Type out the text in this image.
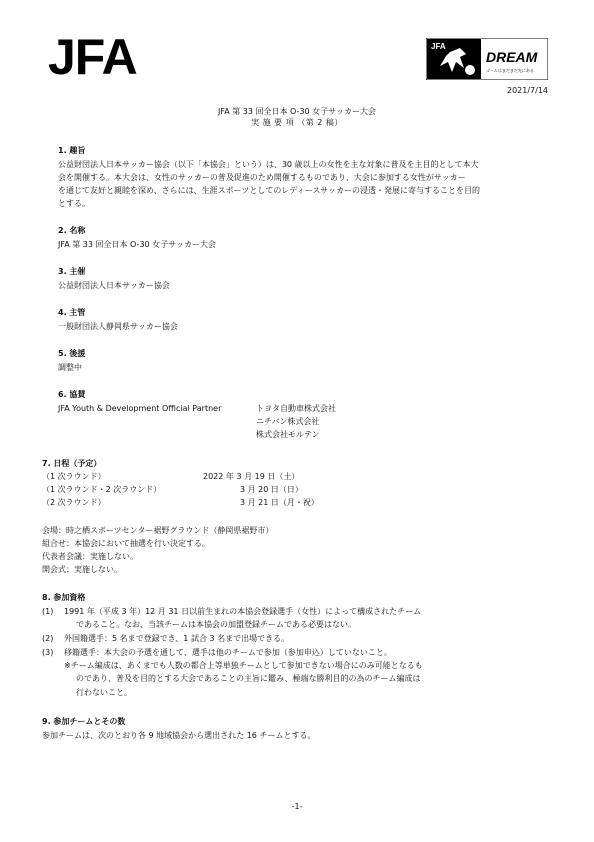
JFA	JFA
DREAM
ゴールはまだまだ先にある
2021/7/14
JFA 第 33 回全日本 O-30 女子サッカー大会
実 施 要 項 （第 2 稿）
1. 趣旨
公益財団法人日本サッカー協会（以下「本協会」という）は、30 歳以上の女性を主な対象に普及を主目的として本大
会を開催する。本大会は、女性のサッカーの普及促進のため開催するものであり、大会に参加する女性がサッカー
を通じて友好と親睦を深め、さらには、生涯スポーツとしてのレディースサッカーの浸透・発展に寄与することを目的
とする。
2. 名称
JFA 第 33 回全日本 O-30 女子サッカー大会
3. 主催
公益財団法人日本サッカー協会
4. 主管
一般財団法人静岡県サッカー協会
5. 後援
調整中
6. 協賛
JFA Youth & Development Official Partner	トヨタ自動車株式会社
ニチバン株式会社
株式会社モルテン
7. 日程（予定）
（1 次ラウンド）	2022 年 3 月 19 日（土）
（1 次ラウンド・2 次ラウンド）	3 月 20 日（日）
（2 次ラウンド）	3 月 21 日（月・祝）
会場：時之栖スポーツセンター裾野グラウンド（静岡県裾野市）
組合せ：本協会において抽選を行い決定する。
代表者会議：実施しない。
開会式：実施しない。
8. 参加資格
(1) 1991 年（平成 3 年）12 月 31 日以前生まれの本協会登録選手（女性）によって構成されたチーム
であること。なお、当該チームは本協会の加盟登録チームである必要はない。
(2) 外国籍選手：5 名まで登録でき、1 試合 3 名まで出場できる。
(3) 移籍選手：本大会の予選を通して、選手は他のチームで参加（参加申込）していないこと。
※チーム編成は、あくまでも人数の都合上等単独チームとして参加できない場合にのみ可能となるも
のであり、普及を目的とする大会であることの主旨に鑑み、極端な勝利目的の為のチーム編成は
行わないこと。
9. 参加チームとその数
参加チームは、次のとおり各 9 地域協会から選出された 16 チームとする。
-1-
